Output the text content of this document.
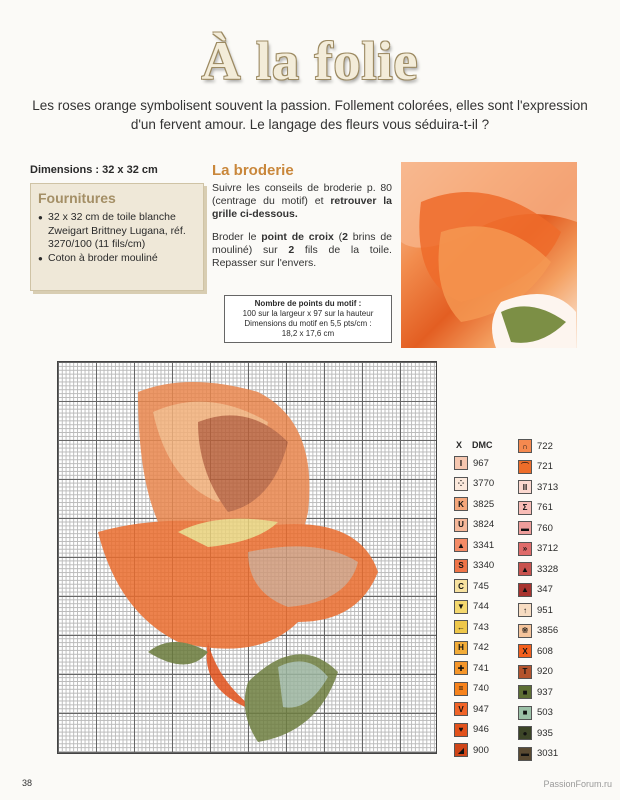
À la folie
Les roses orange symbolisent souvent la passion. Follement colorées, elles sont l'expression d'un fervent amour. Le langage des fleurs vous séduira-t-il ?
Dimensions : 32 x 32 cm
Fournitures
● 32 x 32 cm de toile blanche Zweigart Brittney Lugana, réf. 3270/100 (11 fils/cm)
● Coton à broder mouliné
La broderie

Suivre les conseils de broderie p. 80 (centrage du motif) et retrouver la grille ci-dessous.

Broder le point de croix (2 brins de mouliné) sur 2 fils de la toile. Repasser sur l'envers.

Nombre de points du motif :
100 sur la largeur x 97 sur la hauteur
Dimensions du motif en 5,5 pts/cm :
18,2 x 17,6 cm
X DMC
I	967
⁘ 3770
K 3825
U 3824
▲ 3341
S 3340
C 745
▼ 744
← 743
H 742
✚ 741
=	740
V 947
♥	946
◢ 900
∩ 722
⌒ 721
II	3713
Σ	761
▬ 760
»	3712
▲ 3328
▲ 347
↑	951
⁜ 3856
X 608
T	920
■	937
■	503
●	935
▬ 3031
38	PassionForum.ru
